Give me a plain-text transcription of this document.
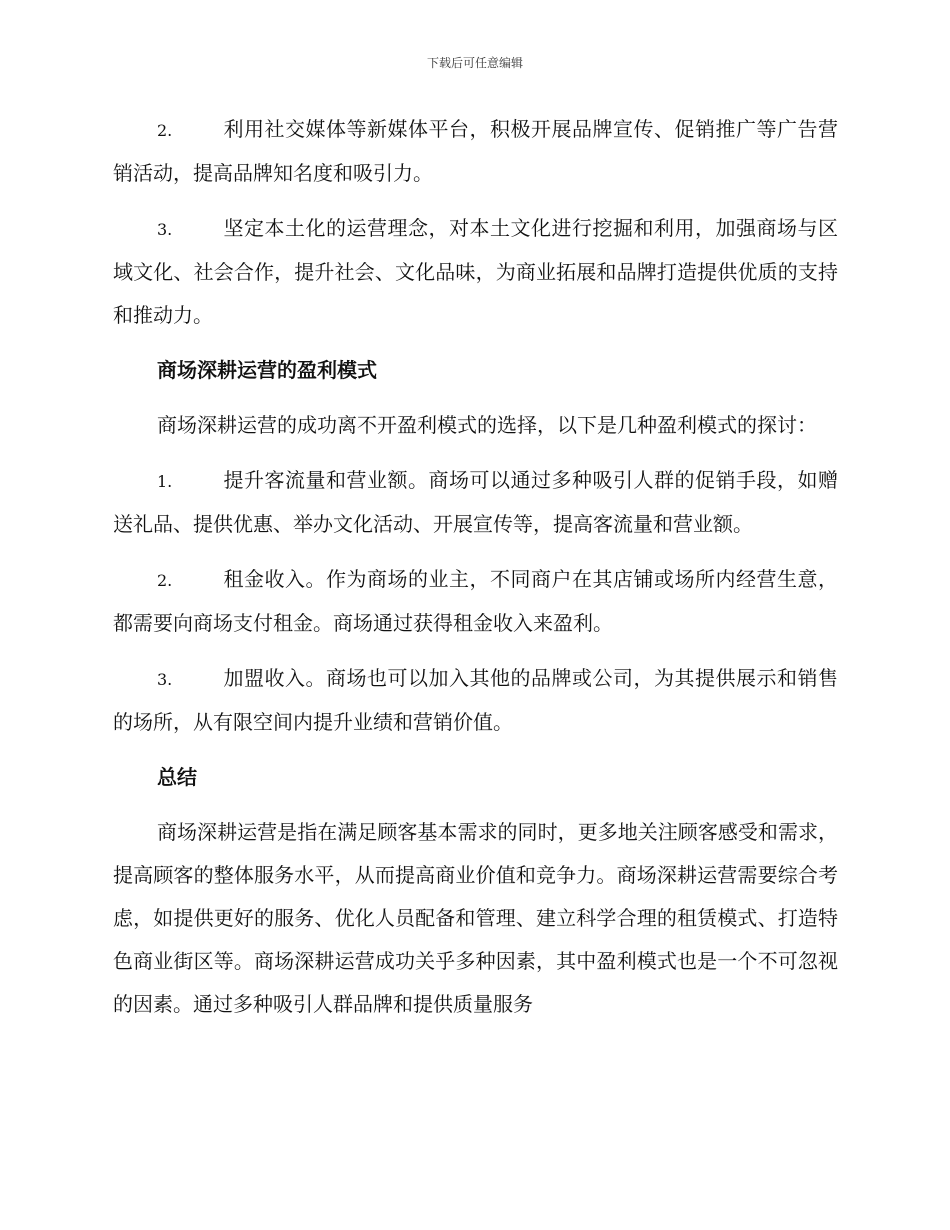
下载后可任意编辑

2.	利用社交媒体等新媒体平台，积极开展品牌宣传、促销推广等广告营销活动，提高品牌知名度和吸引力。

3.	坚定本土化的运营理念，对本土文化进行挖掘和利用，加强商场与区域文化、社会合作，提升社会、文化品味，为商业拓展和品牌打造提供优质的支持和推动力。

商场深耕运营的盈利模式

商场深耕运营的成功离不开盈利模式的选择，以下是几种盈利模式的探讨：

1.	提升客流量和营业额。商场可以通过多种吸引人群的促销手段，如赠送礼品、提供优惠、举办文化活动、开展宣传等，提高客流量和营业额。

2.	租金收入。作为商场的业主，不同商户在其店铺或场所内经营生意，都需要向商场支付租金。商场通过获得租金收入来盈利。

3.	加盟收入。商场也可以加入其他的品牌或公司，为其提供展示和销售的场所，从有限空间内提升业绩和营销价值。

总结

商场深耕运营是指在满足顾客基本需求的同时，更多地关注顾客感受和需求，提高顾客的整体服务水平，从而提高商业价值和竞争力。商场深耕运营需要综合考虑，如提供更好的服务、优化人员配备和管理、建立科学合理的租赁模式、打造特色商业街区等。商场深耕运营成功关乎多种因素，其中盈利模式也是一个不可忽视的因素。通过多种吸引人群品牌和提供质量服务
